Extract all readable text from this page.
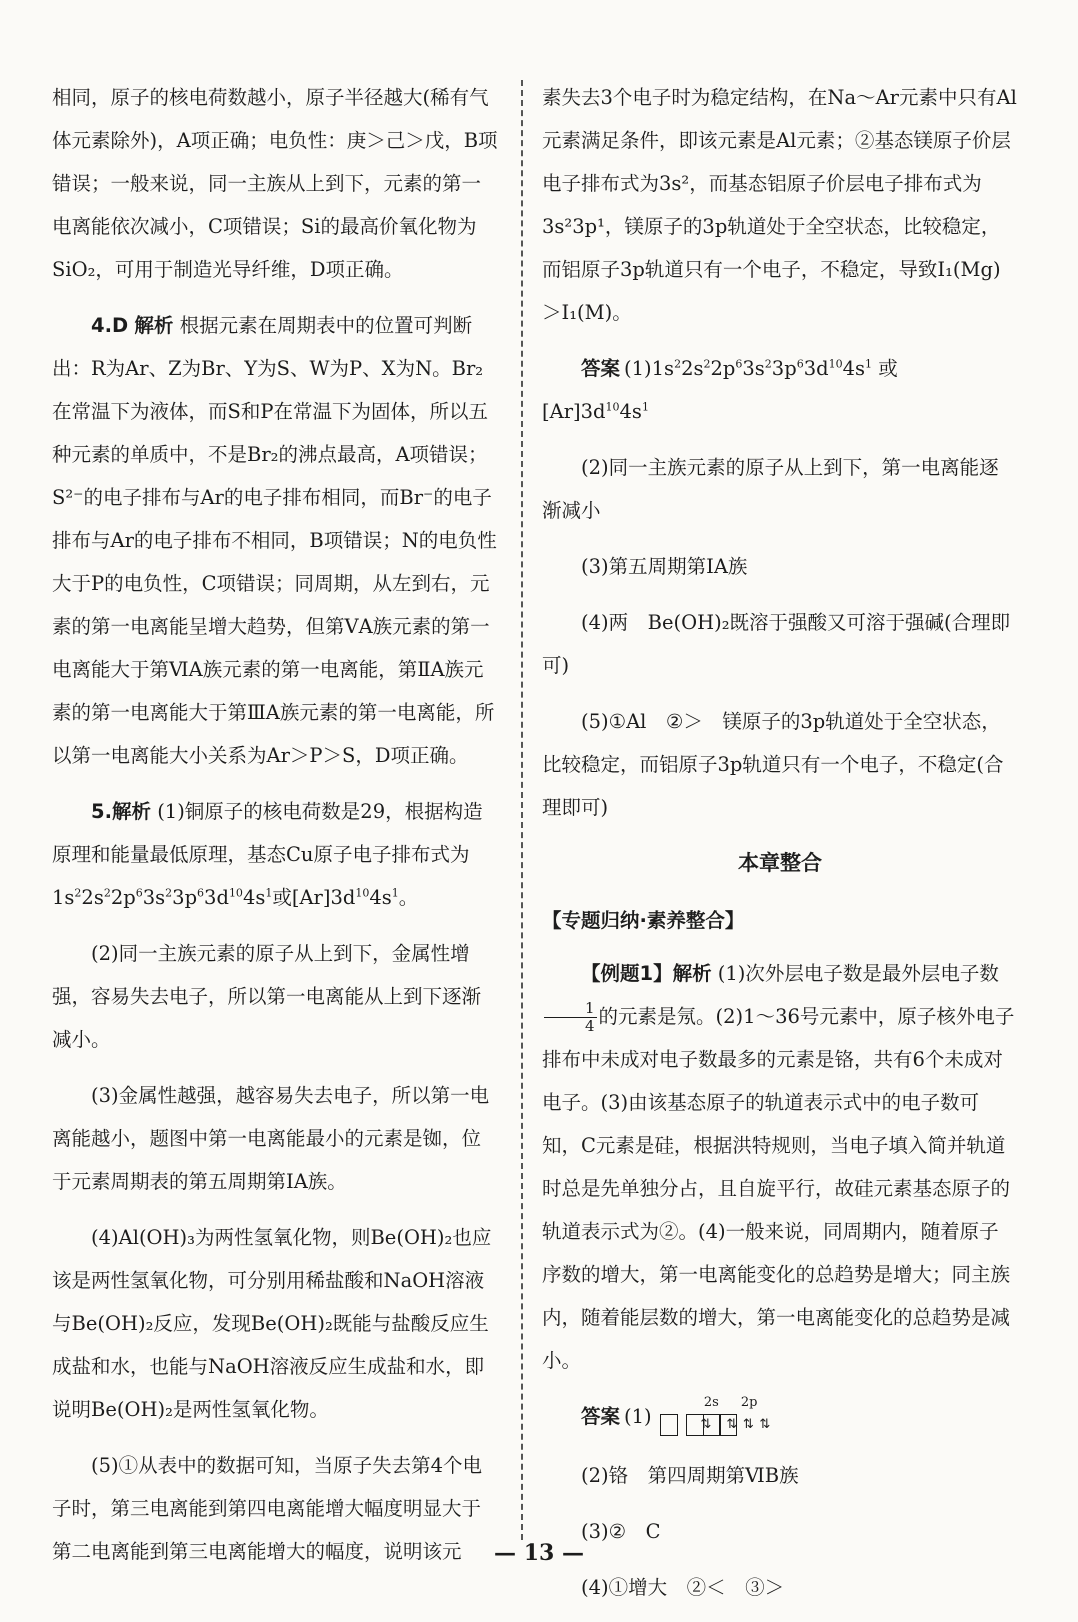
相同，原子的核电荷数越小，原子半径越大(稀有气体元素除外)，A项正确；电负性：庚＞己＞戊，B项错误；一般来说，同一主族从上到下，元素的第一电离能依次减小，C项错误；Si的最高价氧化物为SiO₂，可用于制造光导纤维，D项正确。
4.D 解析 根据元素在周期表中的位置可判断出：R为Ar、Z为Br、Y为S、W为P、X为N。Br₂在常温下为液体，而S和P在常温下为固体，所以五种元素的单质中，不是Br₂的沸点最高，A项错误；S²⁻的电子排布与Ar的电子排布相同，而Br⁻的电子排布与Ar的电子排布不相同，B项错误；N的电负性大于P的电负性，C项错误；同周期，从左到右，元素的第一电离能呈增大趋势，但第ⅤA族元素的第一电离能大于第ⅥA族元素的第一电离能，第ⅡA族元素的第一电离能大于第ⅢA族元素的第一电离能，所以第一电离能大小关系为Ar＞P＞S，D项正确。
5.解析 (1)铜原子的核电荷数是29，根据构造原理和能量最低原理，基态Cu原子电子排布式为$1s^22s^22p^63s^23p^63d^{10}4s^1$或$[Ar]3d^{10}4s^1$。
(2)同一主族元素的原子从上到下，金属性增强，容易失去电子，所以第一电离能从上到下逐渐减小。
(3)金属性越强，越容易失去电子，所以第一电离能越小，题图中第一电离能最小的元素是铷，位于元素周期表的第五周期第ⅠA族。
(4)Al(OH)₃为两性氢氧化物，则Be(OH)₂也应该是两性氢氧化物，可分别用稀盐酸和NaOH溶液与Be(OH)₂反应，发现Be(OH)₂既能与盐酸反应生成盐和水，也能与NaOH溶液反应生成盐和水，即说明Be(OH)₂是两性氢氧化物。
(5)①从表中的数据可知，当原子失去第4个电子时，第三电离能到第四电离能增大幅度明显大于第二电离能到第三电离能增大的幅度，说明该元
素失去3个电子时为稳定结构，在Na～Ar元素中只有Al元素满足条件，即该元素是Al元素；②基态镁原子价层电子排布式为3s²，而基态铝原子价层电子排布式为3s²3p¹，镁原子的3p轨道处于全空状态，比较稳定，而铝原子3p轨道只有一个电子，不稳定，导致I₁(Mg)＞I₁(M)。
答案 $(1)1s^22s^22p^63s^23p^63d^{10}4s^1$ 或
$[Ar]3d^{10}4s^1$
(2)同一主族元素的原子从上到下，第一电离能逐渐减小
(3)第五周期第ⅠA族
(4)两　Be(OH)₂既溶于强酸又可溶于强碱(合理即可)
(5)①Al　②＞　镁原子的3p轨道处于全空状态，比较稳定，而铝原子3p轨道只有一个电子，不稳定(合理即可)
本章整合
【专题归纳·素养整合】
【例题1】解析 (1)次外层电子数是最外层电子数
$\frac{1}{4}$ 的元素是氖。(2)1～36号元素中，原子核外电子排布中未成对电子数最多的元素是铬，共有6个未成对电子。(3)由该基态原子的轨道表示式中的电子数可知，C元素是硅，根据洪特规则，当电子填入简并轨道时总是先单独分占，且自旋平行，故硅元素基态原子的轨道表示式为②。(4)一般来说，同周期内，随着原子序数的增大，第一电离能变化的总趋势是增大；同主族内，随着能层数的增大，第一电离能变化的总趋势是减小。
答案 (1)
2s	2p
⇅	⇅ ⇅ ⇅
(2)铬　第四周期第ⅥB族
(3)②　C
(4)①增大　②＜　③＞
— 13 —
